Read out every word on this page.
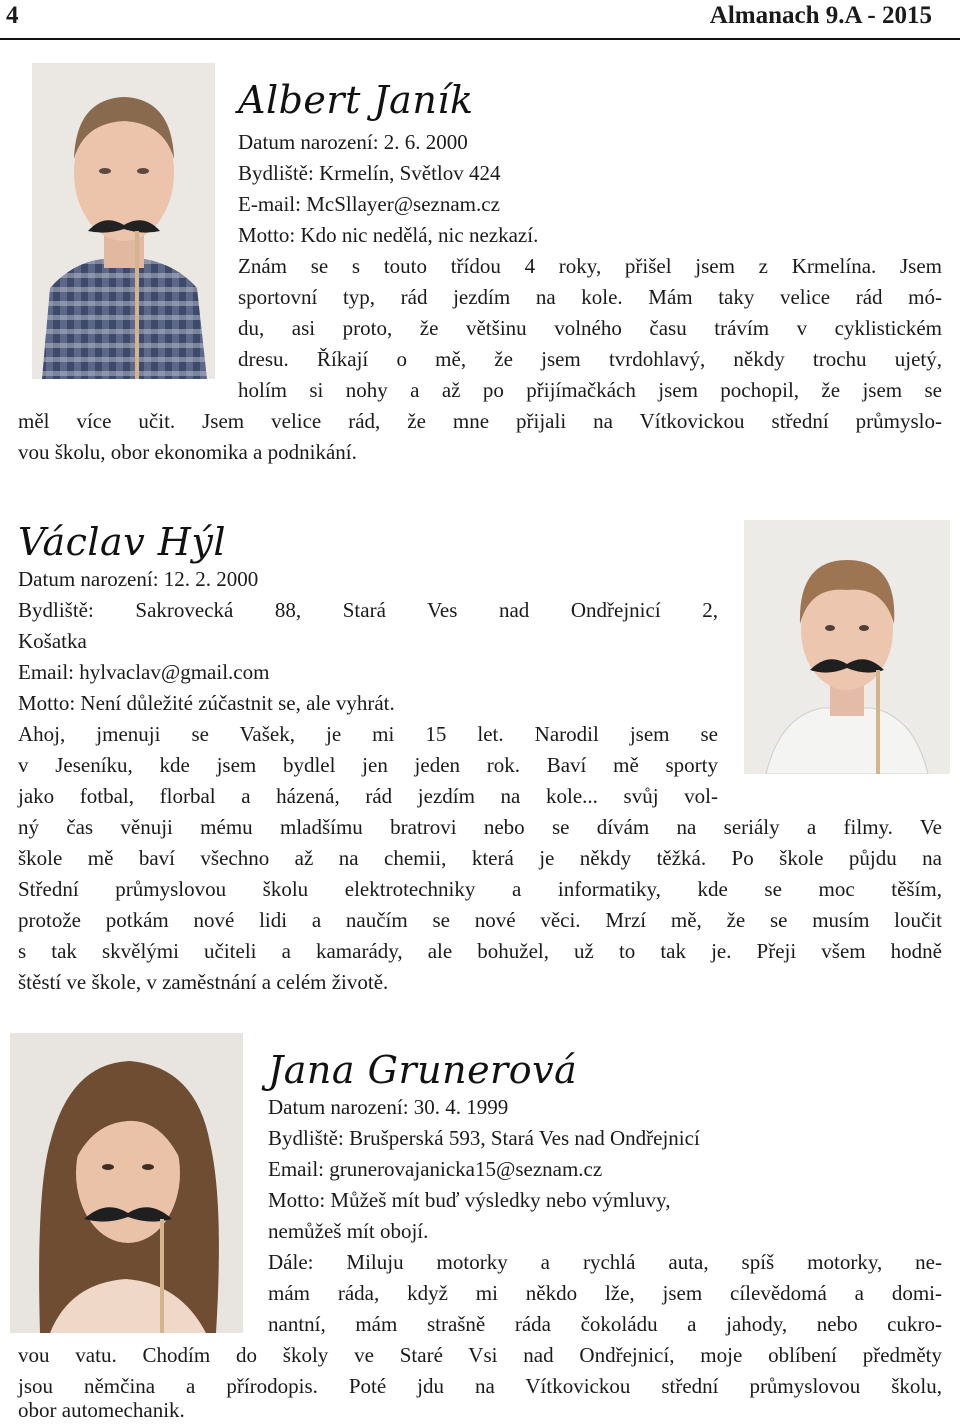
4	Almanach 9.A - 2015
Albert Janík
Datum narození: 2. 6. 2000
Bydliště: Krmelín, Světlov 424
E-mail: McSllayer@seznam.cz
Motto: Kdo nic nedělá, nic nezkazí.
Znám se s touto třídou 4 roky, přišel jsem z Krmelína. Jsem
sportovní typ, rád jezdím na kole. Mám taky velice rád mó-
du, asi proto, že většinu volného času trávím v cyklistickém
dresu. Říkají o mě, že jsem tvrdohlavý, někdy trochu ujetý,
holím si nohy a až po přijímačkách jsem pochopil, že jsem se
měl více učit. Jsem velice rád, že mne přijali na Vítkovickou střední průmyslo-
vou školu, obor ekonomika a podnikání.
Václav Hýl
Datum narození: 12. 2. 2000
Bydliště: Sakrovecká 88, Stará Ves nad Ondřejnicí 2,
Košatka
Email: hylvaclav@gmail.com
Motto: Není důležité zúčastnit se, ale vyhrát.
Ahoj, jmenuji se Vašek, je mi 15 let. Narodil jsem se
v Jeseníku, kde jsem bydlel jen jeden rok. Baví mě sporty
jako fotbal, florbal a házená, rád jezdím na kole... svůj vol-
ný čas věnuji mému mladšímu bratrovi nebo se dívám na seriály a filmy. Ve
škole mě baví všechno až na chemii, která je někdy těžká. Po škole půjdu na
Střední průmyslovou školu elektrotechniky a informatiky, kde se moc těším,
protože potkám nové lidi a naučím se nové věci. Mrzí mě, že se musím loučit
s tak skvělými učiteli a kamarády, ale bohužel, už to tak je. Přeji všem hodně
štěstí ve škole, v zaměstnání a celém životě.
Jana Grunerová
Datum narození: 30. 4. 1999
Bydliště: Brušperská 593, Stará Ves nad Ondřejnicí
Email: grunerovajanicka15@seznam.cz
Motto: Můžeš mít buď výsledky nebo výmluvy,
nemůžeš mít obojí.
Dále: Miluju motorky a rychlá auta, spíš motorky, ne-
mám ráda, když mi někdo lže, jsem cílevědomá a domi-
nantní, mám strašně ráda čokoládu a jahody, nebo cukro-
vou vatu. Chodím do školy ve Staré Vsi nad Ondřejnicí, moje oblíbení předměty
jsou němčina a přírodopis. Poté jdu na Vítkovickou střední průmyslovou školu,
obor automechanik.
